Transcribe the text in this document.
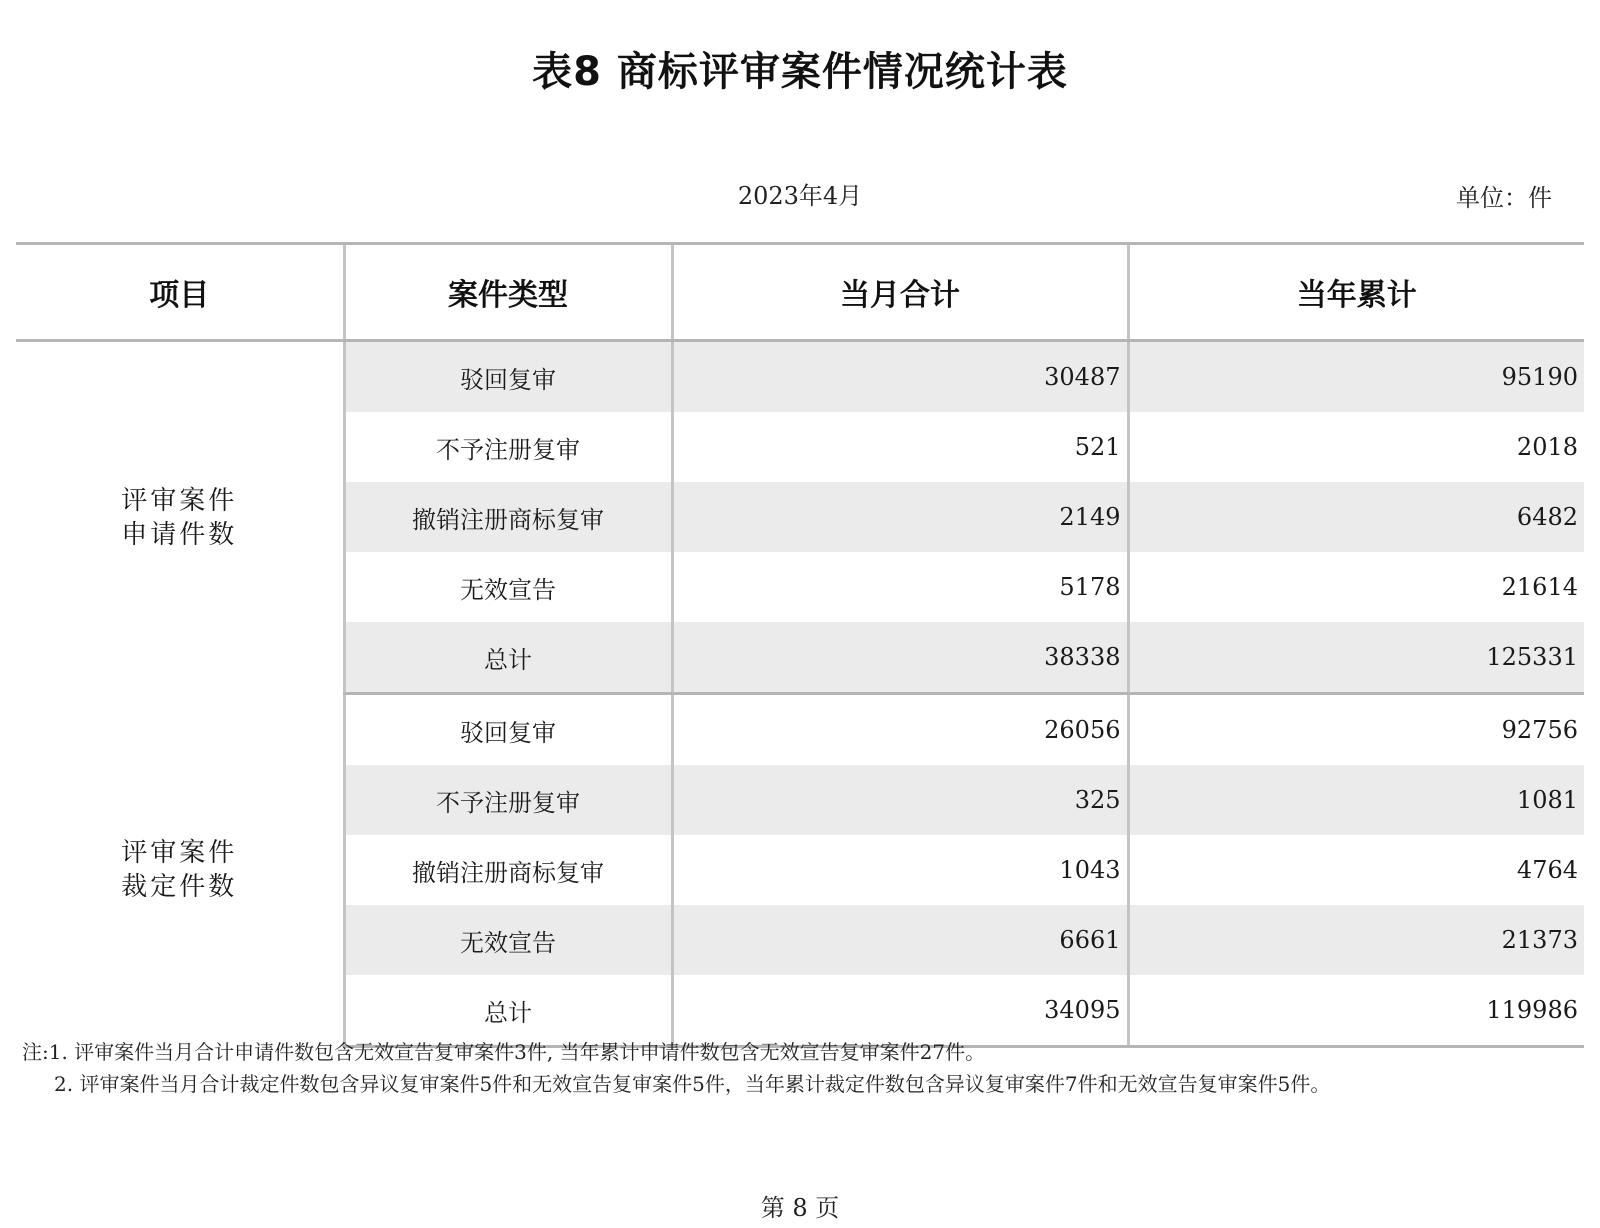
表8 商标评审案件情况统计表
2023年4月	单位：件
项目	案件类型	当月合计	当年累计

评审案件
申请件数	驳回复审	30487	95190
	不予注册复审	521	2018
	撤销注册商标复审	2149	6482
	无效宣告	5178	21614
	总计	38338	125331

评审案件
裁定件数	驳回复审	26056	92756
	不予注册复审	325	1081
	撤销注册商标复审	1043	4764
	无效宣告	6661	21373
	总计	34095	119986
注:1. 评审案件当月合计申请件数包含无效宣告复审案件3件, 当年累计申请件数包含无效宣告复审案件27件。
2. 评审案件当月合计裁定件数包含异议复审案件5件和无效宣告复审案件5件，当年累计裁定件数包含异议复审案件7件和无效宣告复审案件5件。
第 8 页
